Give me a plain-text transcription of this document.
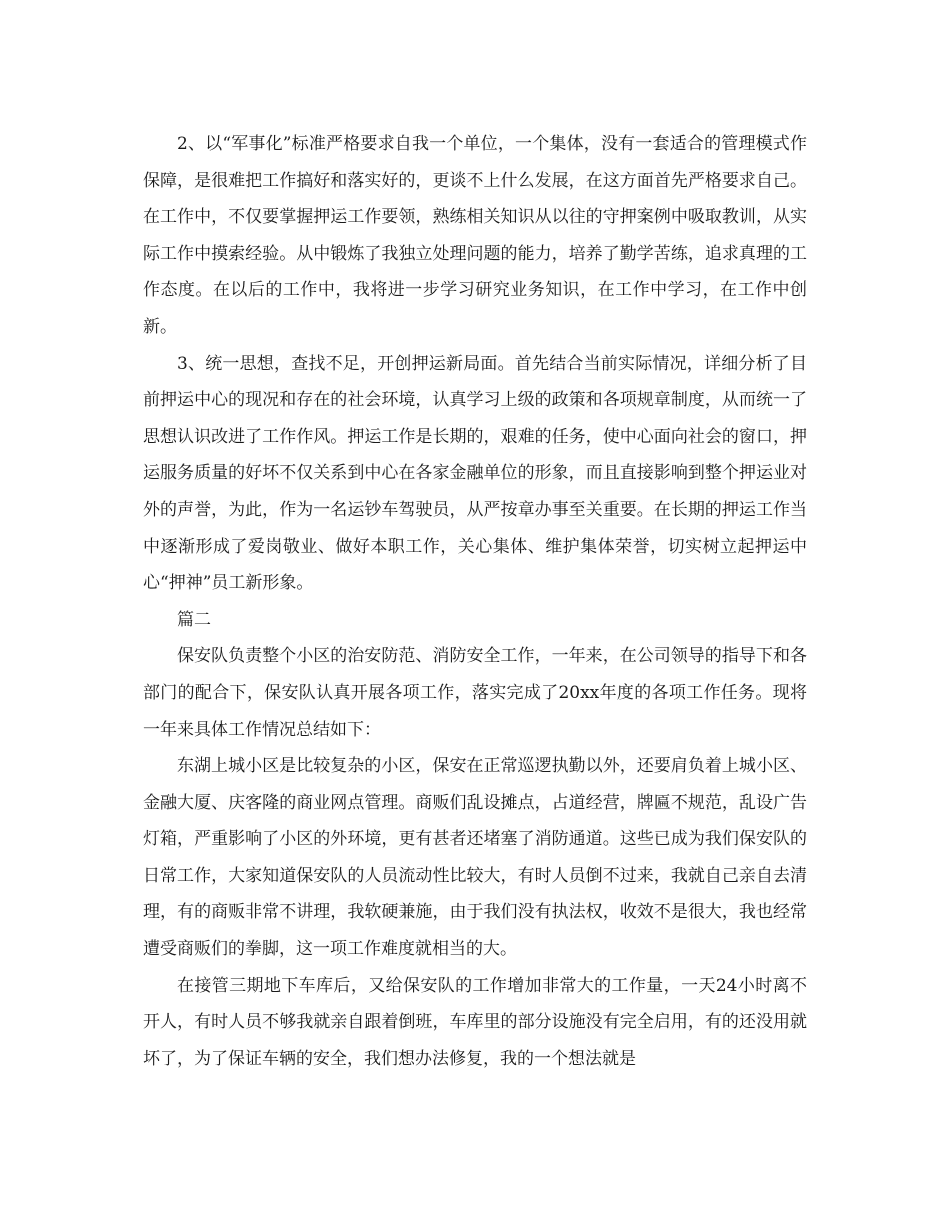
2、以“军事化”标准严格要求自我一个单位，一个集体，没有一套适合的管理模式作保障，是很难把工作搞好和落实好的，更谈不上什么发展，在这方面首先严格要求自己。在工作中，不仅要掌握押运工作要领，熟练相关知识从以往的守押案例中吸取教训，从实际工作中摸索经验。从中锻炼了我独立处理问题的能力，培养了勤学苦练，追求真理的工作态度。在以后的工作中，我将进一步学习研究业务知识，在工作中学习，在工作中创新。

3、统一思想，查找不足，开创押运新局面。首先结合当前实际情况，详细分析了目前押运中心的现况和存在的社会环境，认真学习上级的政策和各项规章制度，从而统一了思想认识改进了工作作风。押运工作是长期的，艰难的任务，使中心面向社会的窗口，押运服务质量的好坏不仅关系到中心在各家金融单位的形象，而且直接影响到整个押运业对外的声誉，为此，作为一名运钞车驾驶员，从严按章办事至关重要。在长期的押运工作当中逐渐形成了爱岗敬业、做好本职工作，关心集体、维护集体荣誉，切实树立起押运中心“押神”员工新形象。

篇二

保安队负责整个小区的治安防范、消防安全工作，一年来，在公司领导的指导下和各部门的配合下，保安队认真开展各项工作，落实完成了20xx年度的各项工作任务。现将一年来具体工作情况总结如下：

东湖上城小区是比较复杂的小区，保安在正常巡逻执勤以外，还要肩负着上城小区、金融大厦、庆客隆的商业网点管理。商贩们乱设摊点，占道经营，牌匾不规范，乱设广告灯箱，严重影响了小区的外环境，更有甚者还堵塞了消防通道。这些已成为我们保安队的日常工作，大家知道保安队的人员流动性比较大，有时人员倒不过来，我就自己亲自去清理，有的商贩非常不讲理，我软硬兼施，由于我们没有执法权，收效不是很大，我也经常遭受商贩们的拳脚，这一项工作难度就相当的大。

在接管三期地下车库后，又给保安队的工作增加非常大的工作量，一天24小时离不开人，有时人员不够我就亲自跟着倒班，车库里的部分设施没有完全启用，有的还没用就坏了，为了保证车辆的安全，我们想办法修复，我的一个想法就是
